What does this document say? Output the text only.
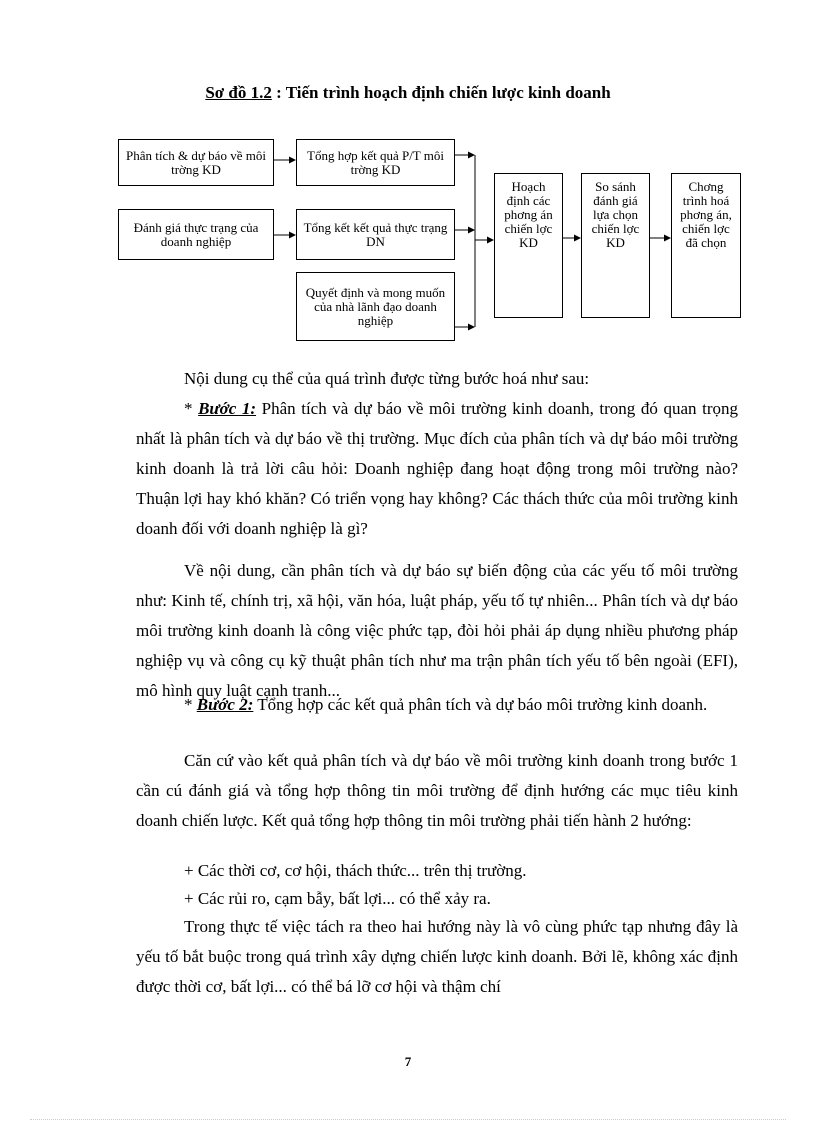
Sơ đồ 1.2 : Tiến trình hoạch định chiến lược kinh doanh
Phân tích & dự báo về môi trờng KD
Tổng hợp kết quả P/T môi trờng KD
Đánh giá thực trạng của doanh nghiệp
Tổng kết kết quả thực trạng DN
Quyết định và mong muốn của nhà lãnh đạo doanh nghiệp
Hoạch định các phơng án chiến lợc KD
So sánh đánh giá lựa chọn chiến lợc KD
Chơng trình hoá phơng án, chiến lợc đã chọn

Nội dung cụ thể của quá trình được từng bước hoá như sau:

* Bước 1: Phân tích và dự báo về môi trường kinh doanh, trong đó quan trọng nhất là phân tích và dự báo về thị trường. Mục đích của phân tích và dự báo môi trường kinh doanh là trả lời câu hỏi: Doanh nghiệp đang hoạt động trong môi trường nào? Thuận lợi hay khó khăn? Có triển vọng hay không? Các thách thức của môi trường kinh doanh đối với doanh nghiệp là gì?

Về nội dung, cần phân tích và dự báo sự biến động của các yếu tố môi trường như: Kinh tế, chính trị, xã hội, văn hóa, luật pháp, yếu tố tự nhiên... Phân tích và dự báo môi trường kinh doanh là công việc phức tạp, đòi hỏi phải áp dụng nhiều phương pháp nghiệp vụ và công cụ kỹ thuật phân tích như ma trận phân tích yếu tố bên ngoài (EFI), mô hình quy luật cạnh tranh...

* Bước 2: Tổng hợp các kết quả phân tích và dự báo môi trường kinh doanh.

Căn cứ vào kết quả phân tích và dự báo về môi trường kinh doanh trong bước 1 cần cú đánh giá và tổng hợp thông tin môi trường để định hướng các mục tiêu kinh doanh chiến lược. Kết quả tổng hợp thông tin môi trường phải tiến hành 2 hướng:

+ Các thời cơ, cơ hội, thách thức... trên thị trường.

+ Các rủi ro, cạm bẫy, bất lợi... có thể xảy ra.

Trong thực tế việc tách ra theo hai hướng này là vô cùng phức tạp nhưng đây là yếu tố bắt buộc trong quá trình xây dựng chiến lược kinh doanh. Bởi lẽ, không xác định được thời cơ, bất lợi... có thể bá lỡ cơ hội và thậm chí

7
